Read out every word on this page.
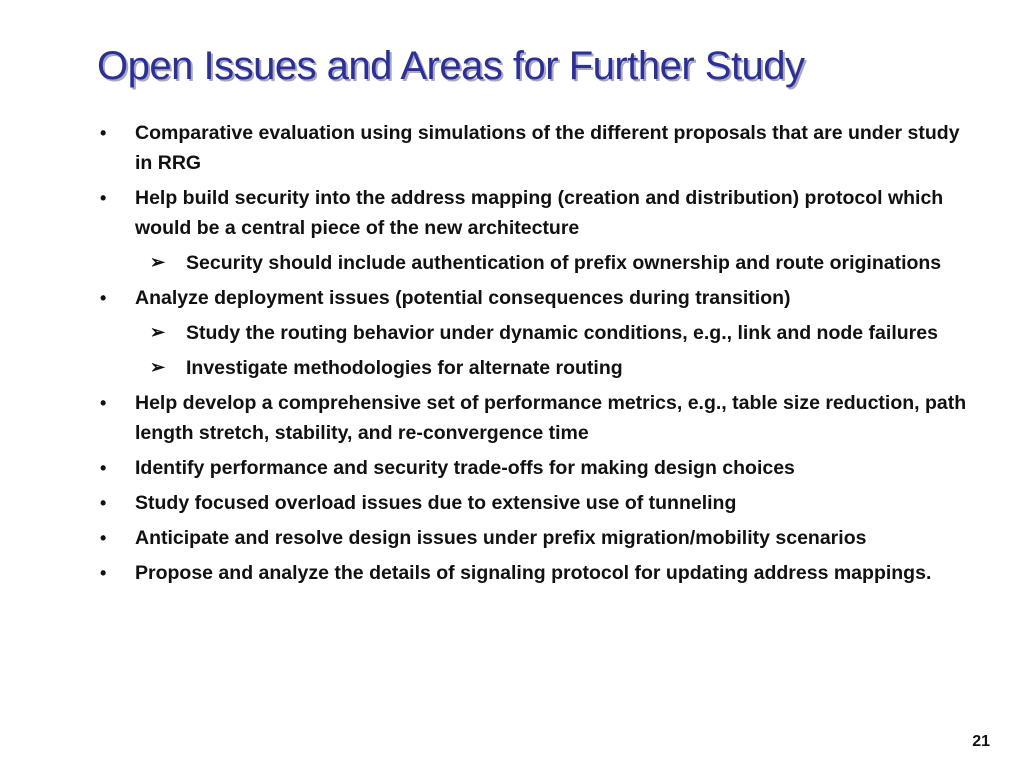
Open Issues and Areas for Further Study
• Comparative evaluation using simulations of the different proposals that are under study in RRG
• Help build security into the address mapping (creation and distribution) protocol which would be a central piece of the new architecture
➢ Security should include authentication of prefix ownership and route originations
• Analyze deployment issues (potential consequences during transition)
➢ Study the routing behavior under dynamic conditions, e.g., link and node failures
➢ Investigate methodologies for alternate routing
• Help develop a comprehensive set of performance metrics, e.g., table size reduction, path length stretch, stability, and re-convergence time
• Identify performance and security trade-offs for making design choices
• Study focused overload issues due to extensive use of tunneling
• Anticipate and resolve design issues under prefix migration/mobility scenarios
• Propose and analyze the details of signaling protocol for updating address mappings.
21
